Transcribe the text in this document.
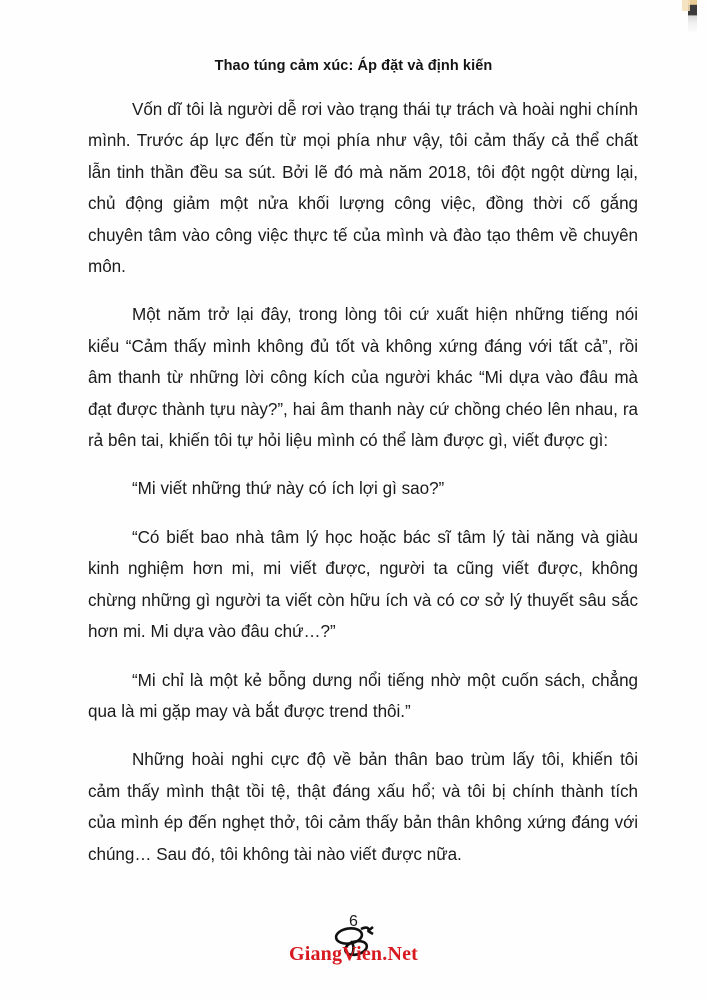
Thao túng cảm xúc: Áp đặt và định kiến

Vốn dĩ tôi là người dễ rơi vào trạng thái tự trách và hoài nghi chính mình. Trước áp lực đến từ mọi phía như vậy, tôi cảm thấy cả thể chất lẫn tinh thần đều sa sút. Bởi lẽ đó mà năm 2018, tôi đột ngột dừng lại, chủ động giảm một nửa khối lượng công việc, đồng thời cố gắng chuyên tâm vào công việc thực tế của mình và đào tạo thêm về chuyên môn.

Một năm trở lại đây, trong lòng tôi cứ xuất hiện những tiếng nói kiểu “Cảm thấy mình không đủ tốt và không xứng đáng với tất cả”, rồi âm thanh từ những lời công kích của người khác “Mi dựa vào đâu mà đạt được thành tựu này?”, hai âm thanh này cứ chồng chéo lên nhau, ra rả bên tai, khiến tôi tự hỏi liệu mình có thể làm được gì, viết được gì:

“Mi viết những thứ này có ích lợi gì sao?”

“Có biết bao nhà tâm lý học hoặc bác sĩ tâm lý tài năng và giàu kinh nghiệm hơn mi, mi viết được, người ta cũng viết được, không chừng những gì người ta viết còn hữu ích và có cơ sở lý thuyết sâu sắc hơn mi. Mi dựa vào đâu chứ…?”

“Mi chỉ là một kẻ bỗng dưng nổi tiếng nhờ một cuốn sách, chẳng qua là mi gặp may và bắt được trend thôi.”

Những hoài nghi cực độ về bản thân bao trùm lấy tôi, khiến tôi cảm thấy mình thật tồi tệ, thật đáng xấu hổ; và tôi bị chính thành tích của mình ép đến nghẹt thở, tôi cảm thấy bản thân không xứng đáng với chúng… Sau đó, tôi không tài nào viết được nữa.

6
GiangVien.Net
